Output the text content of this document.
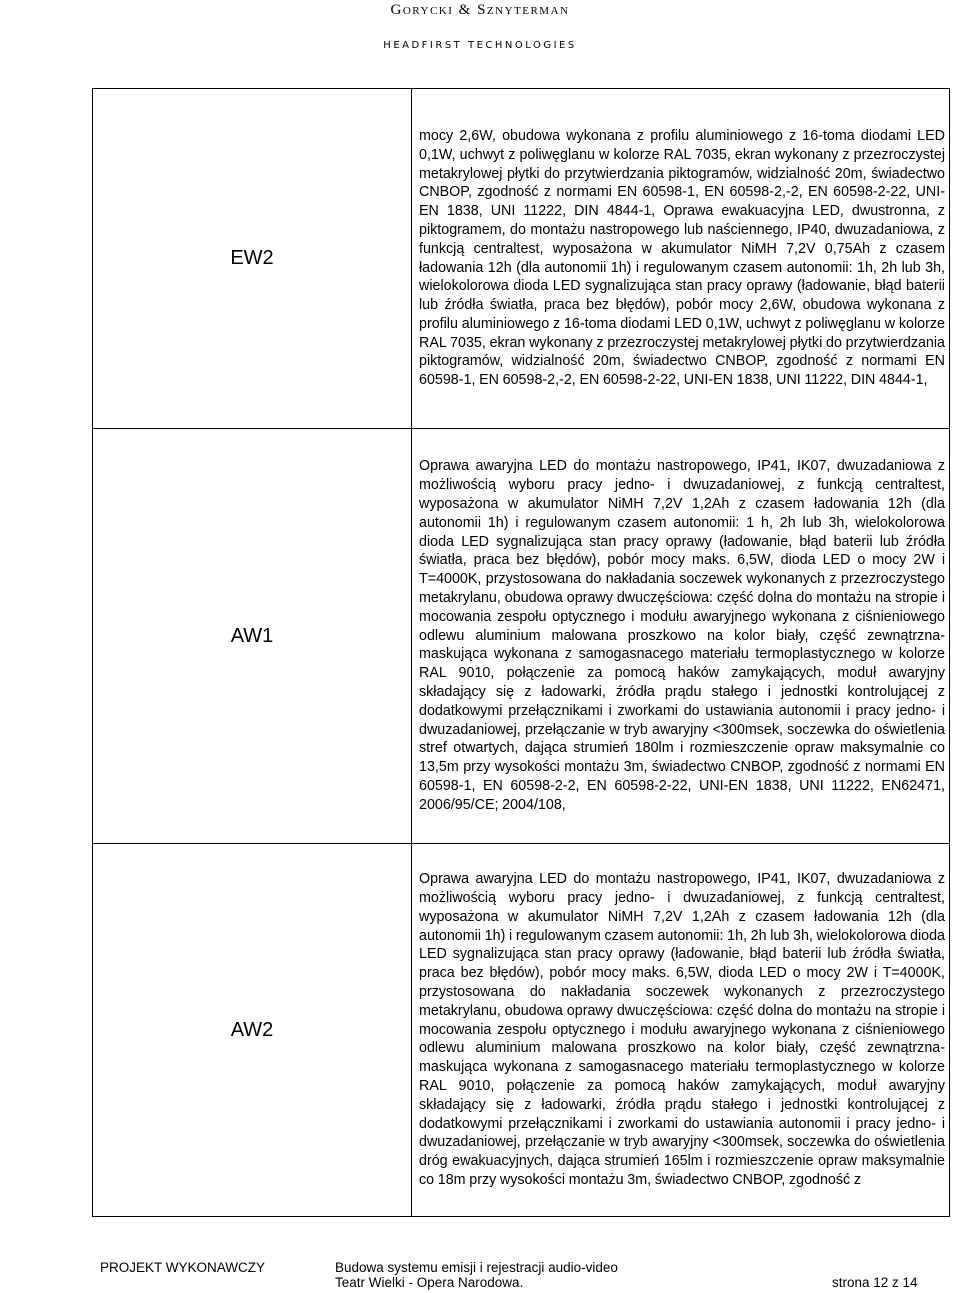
Gorycki & Sznyterman
HEADFIRST TECHNOLOGIES
EW2	mocy 2,6W, obudowa wykonana z profilu aluminiowego z 16-toma diodami LED 0,1W, uchwyt z poliwęglanu w kolorze RAL 7035, ekran wykonany z przezroczystej metakrylowej płytki do przytwierdzania piktogramów, widzialność 20m, świadectwo CNBOP, zgodność z normami EN 60598-1, EN 60598-2,-2, EN 60598-2-22, UNI-EN 1838, UNI 11222, DIN 4844-1, Oprawa ewakuacyjna LED, dwustronna, z piktogramem, do montażu nastropowego lub naściennego, IP40, dwuzadaniowa, z funkcją centraltest, wyposażona w akumulator NiMH 7,2V 0,75Ah z czasem ładowania 12h (dla autonomii 1h) i regulowanym czasem autonomii: 1h, 2h lub 3h, wielokolorowa dioda LED sygnalizująca stan pracy oprawy (ładowanie, błąd baterii lub źródła światła, praca bez błędów), pobór mocy 2,6W, obudowa wykonana z profilu aluminiowego z 16-toma diodami LED 0,1W, uchwyt z poliwęglanu w kolorze RAL 7035, ekran wykonany z przezroczystej metakrylowej płytki do przytwierdzania piktogramów, widzialność 20m, świadectwo CNBOP, zgodność z normami EN 60598-1, EN 60598-2,-2, EN 60598-2-22, UNI-EN 1838, UNI 11222, DIN 4844-1,
AW1	Oprawa awaryjna LED do montażu nastropowego, IP41, IK07, dwuzadaniowa z możliwością wyboru pracy jedno- i dwuzadaniowej, z funkcją centraltest, wyposażona w akumulator NiMH 7,2V 1,2Ah z czasem ładowania 12h (dla autonomii 1h) i regulowanym czasem autonomii: 1 h, 2h lub 3h, wielokolorowa dioda LED sygnalizująca stan pracy oprawy (ładowanie, błąd baterii lub źródła światła, praca bez błędów), pobór mocy maks. 6,5W, dioda LED o mocy 2W i T=4000K, przystosowana do nakładania soczewek wykonanych z przezroczystego metakrylanu, obudowa oprawy dwuczęściowa: część dolna do montażu na stropie i mocowania zespołu optycznego i modułu awaryjnego wykonana z ciśnieniowego odlewu aluminium malowana proszkowo na kolor biały, część zewnątrzna-maskująca wykonana z samogasnacego materiału termoplastycznego w kolorze RAL 9010, połączenie za pomocą haków zamykających, moduł awaryjny składający się z ładowarki, źródła prądu stałego i jednostki kontrolującej z dodatkowymi przełącznikami i zworkami do ustawiania autonomii i pracy jedno- i dwuzadaniowej, przełączanie w tryb awaryjny <300msek, soczewka do oświetlenia stref otwartych, dająca strumień 180lm i rozmieszczenie opraw maksymalnie co 13,5m przy wysokości montażu 3m, świadectwo CNBOP, zgodność z normami EN 60598-1, EN 60598-2-2, EN 60598-2-22, UNI-EN 1838, UNI 11222, EN62471, 2006/95/CE; 2004/108,
AW2	Oprawa awaryjna LED do montażu nastropowego, IP41, IK07, dwuzadaniowa z możliwością wyboru pracy jedno- i dwuzadaniowej, z funkcją centraltest, wyposażona w akumulator NiMH 7,2V 1,2Ah z czasem ładowania 12h (dla autonomii 1h) i regulowanym czasem autonomii: 1h, 2h lub 3h, wielokolorowa dioda LED sygnalizująca stan pracy oprawy (ładowanie, błąd baterii lub źródła światła, praca bez błędów), pobór mocy maks. 6,5W, dioda LED o mocy 2W i T=4000K, przystosowana do nakładania soczewek wykonanych z przezroczystego metakrylanu, obudowa oprawy dwuczęściowa: część dolna do montażu na stropie i mocowania zespołu optycznego i modułu awaryjnego wykonana z ciśnieniowego odlewu aluminium malowana proszkowo na kolor biały, część zewnątrzna-maskująca wykonana z samogasnacego materiału termoplastycznego w kolorze RAL 9010, połączenie za pomocą haków zamykających, moduł awaryjny składający się z ładowarki, źródła prądu stałego i jednostki kontrolującej z dodatkowymi przełącznikami i zworkami do ustawiania autonomii i pracy jedno- i dwuzadaniowej, przełączanie w tryb awaryjny <300msek, soczewka do oświetlenia dróg ewakuacyjnych, dająca strumień 165lm i rozmieszczenie opraw maksymalnie co 18m przy wysokości montażu 3m, świadectwo CNBOP, zgodność z
PROJEKT WYKONAWCZY	Budowa systemu emisji i rejestracji audio-video
Teatr Wielki - Opera Narodowa.	strona 12 z 14
